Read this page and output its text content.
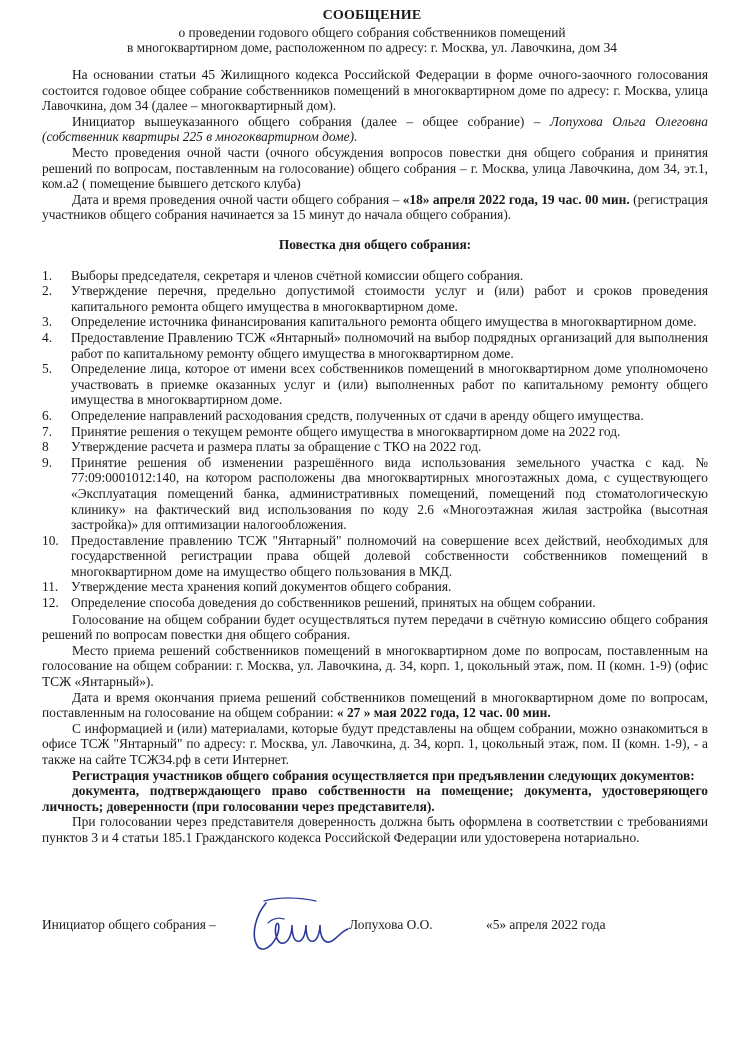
СООБЩЕНИЕ
о проведении годового общего собрания собственников помещений
в многоквартирном доме, расположенном по адресу: г. Москва, ул. Лавочкина, дом 34

На основании статьи 45 Жилищного кодекса Российской Федерации в форме очного-заочного голосования состоится годовое общее собрание собственников помещений в многоквартирном доме по адресу: г. Москва, улица Лавочкина, дом 34 (далее – многоквартирный дом).

Инициатор вышеуказанного общего собрания (далее – общее собрание) – Лопухова Ольга Олеговна (собственник квартиры 225 в многоквартирном доме).

Место проведения очной части (очного обсуждения вопросов повестки дня общего собрания и принятия решений по вопросам, поставленным на голосование) общего собрания – г. Москва, улица Лавочкина, дом 34, эт.1, ком.а2 ( помещение бывшего детского клуба)

Дата и время проведения очной части общего собрания – «18» апреля 2022 года, 19 час. 00 мин. (регистрация участников общего собрания начинается за 15 минут до начала общего собрания).

Повестка дня общего собрания:

1. Выборы председателя, секретаря и членов счётной комиссии общего собрания.
2. Утверждение перечня, предельно допустимой стоимости услуг и (или) работ и сроков проведения капитального ремонта общего имущества в многоквартирном доме.
3. Определение источника финансирования капитального ремонта общего имущества в многоквартирном доме.
4. Предоставление Правлению ТСЖ «Янтарный» полномочий на выбор подрядных организаций для выполнения работ по капитальному ремонту общего имущества в многоквартирном доме.
5. Определение лица, которое от имени всех собственников помещений в многоквартирном доме уполномочено участвовать в приемке оказанных услуг и (или) выполненных работ по капитальному ремонту общего имущества в многоквартирном доме.
6. Определение направлений расходования средств, полученных от сдачи в аренду общего имущества.
7. Принятие решения о текущем ремонте общего имущества в многоквартирном доме на 2022 год.
8 Утверждение расчета и размера платы за обращение с ТКО на 2022 год.
9. Принятие решения об изменении разрешённого вида использования земельного участка с кад. № 77:09:0001012:140, на котором расположены два многоквартирных многоэтажных дома, с существующего «Эксплуатация помещений банка, административных помещений, помещений под стоматологическую клинику» на фактический вид использования по коду 2.6 «Многоэтажная жилая застройка (высотная застройка)» для оптимизации налогообложения.
10. Предоставление правлению ТСЖ "Янтарный" полномочий на совершение всех действий, необходимых для государственной регистрации права общей долевой собственности собственников помещений в многоквартирном доме на имущество общего пользования в МКД.
11. Утверждение места хранения копий документов общего собрания.
12. Определение способа доведения до собственников решений, принятых на общем собрании.

Голосование на общем собрании будет осуществляться путем передачи в счётную комиссию общего собрания решений по вопросам повестки дня общего собрания.

Место приема решений собственников помещений в многоквартирном доме по вопросам, поставленным на голосование на общем собрании: г. Москва, ул. Лавочкина, д. 34, корп. 1, цокольный этаж, пом. II (комн. 1-9) (офис ТСЖ «Янтарный»).

Дата и время окончания приема решений собственников помещений в многоквартирном доме по вопросам, поставленным на голосование на общем собрании: « 27 » мая 2022 года, 12 час. 00 мин.

С информацией и (или) материалами, которые будут представлены на общем собрании, можно ознакомиться в офисе ТСЖ "Янтарный" по адресу: г. Москва, ул. Лавочкина, д. 34, корп. 1, цокольный этаж, пом. II (комн. 1-9), - а также на сайте ТСЖ34.рф в сети Интернет.

Регистрация участников общего собрания осуществляется при предъявлении следующих документов:

документа, подтверждающего право собственности на помещение; документа, удостоверяющего личность; доверенности (при голосовании через представителя).

При голосовании через представителя доверенность должна быть оформлена в соответствии с требованиями пунктов 3 и 4 статьи 185.1 Гражданского кодекса Российской Федерации или удостоверена нотариально.

Инициатор общего собрания –	Лопухова О.О.	«5» апреля 2022 года
